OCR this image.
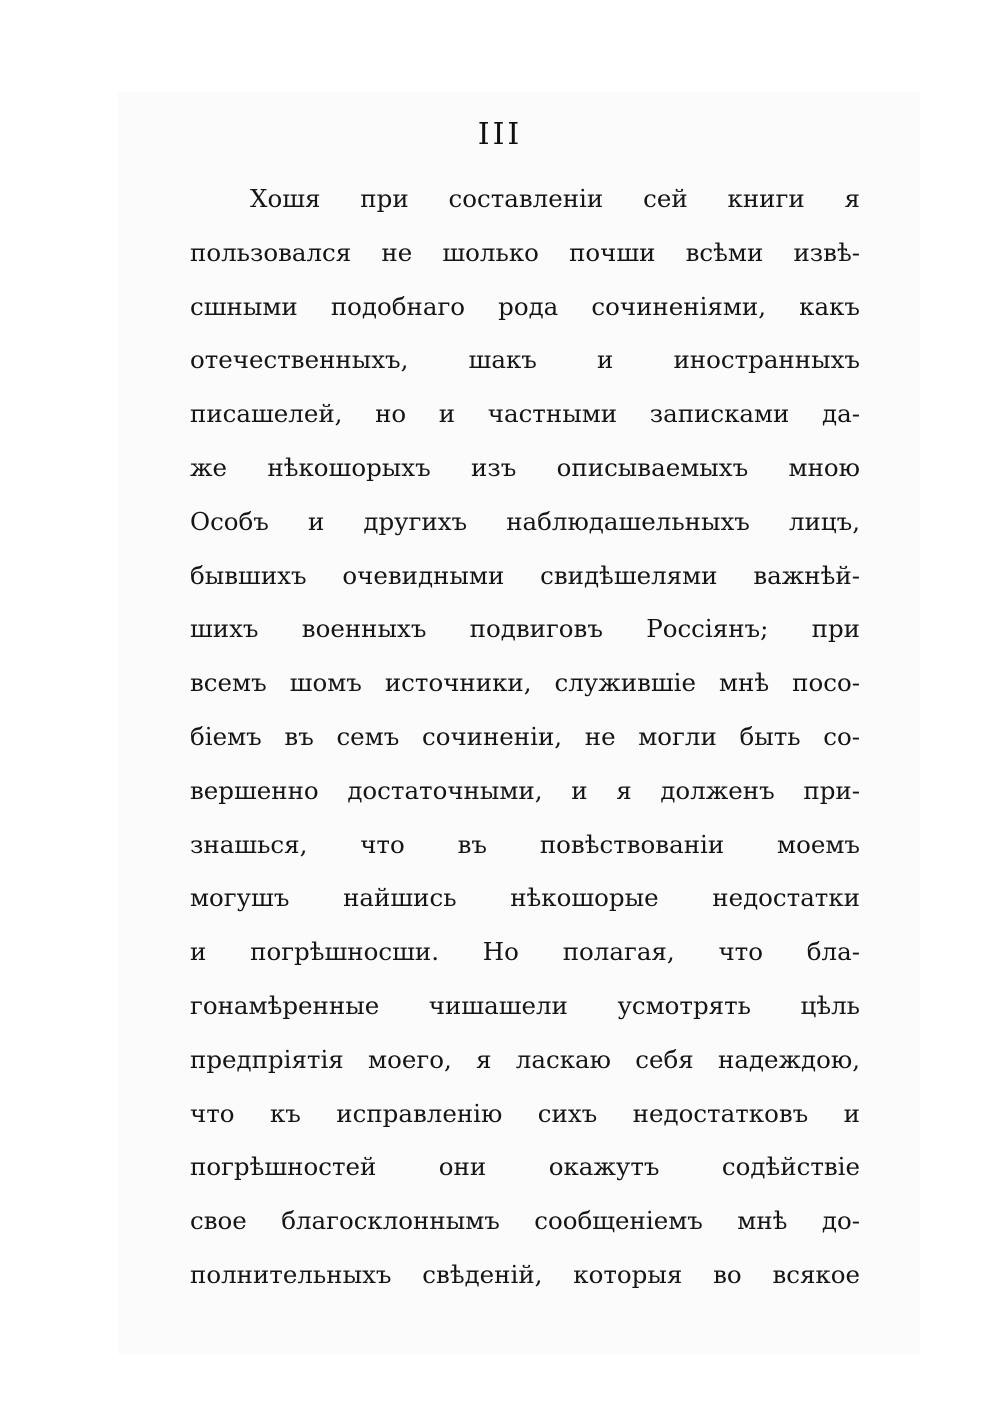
III
Хошя при составленіи сей книги я
пользовался не шолько почши всѣми извѣ-
сшными подобнаго рода сочиненіями, какъ
отечественныхъ, шакъ и иностранныхъ
писашелей, но и частными записками да-
же нѣкошорыхъ изъ описываемыхъ мною
Особъ и другихъ наблюдашельныхъ лицъ,
бывшихъ очевидными свидѣшелями важнѣй-
шихъ военныхъ подвиговъ Россіянъ; при
всемъ шомъ источники, служившіе мнѣ посо-
біемъ въ семъ сочиненіи, не могли быть со-
вершенно достаточными, и я долженъ при-
знашься, что въ повѣствованіи моемъ
могушъ найшись нѣкошорые недостатки
и погрѣшносши. Но полагая, что бла-
гонамѣренные чишашели усмотрять цѣль
предпріятія моего, я ласкаю себя надеждою,
что къ исправленію сихъ недостатковъ и
погрѣшностей они окажутъ содѣйствіе
свое благосклоннымъ сообщеніемъ мнѣ до-
полнительныхъ свѣденій, которыя во всякое
